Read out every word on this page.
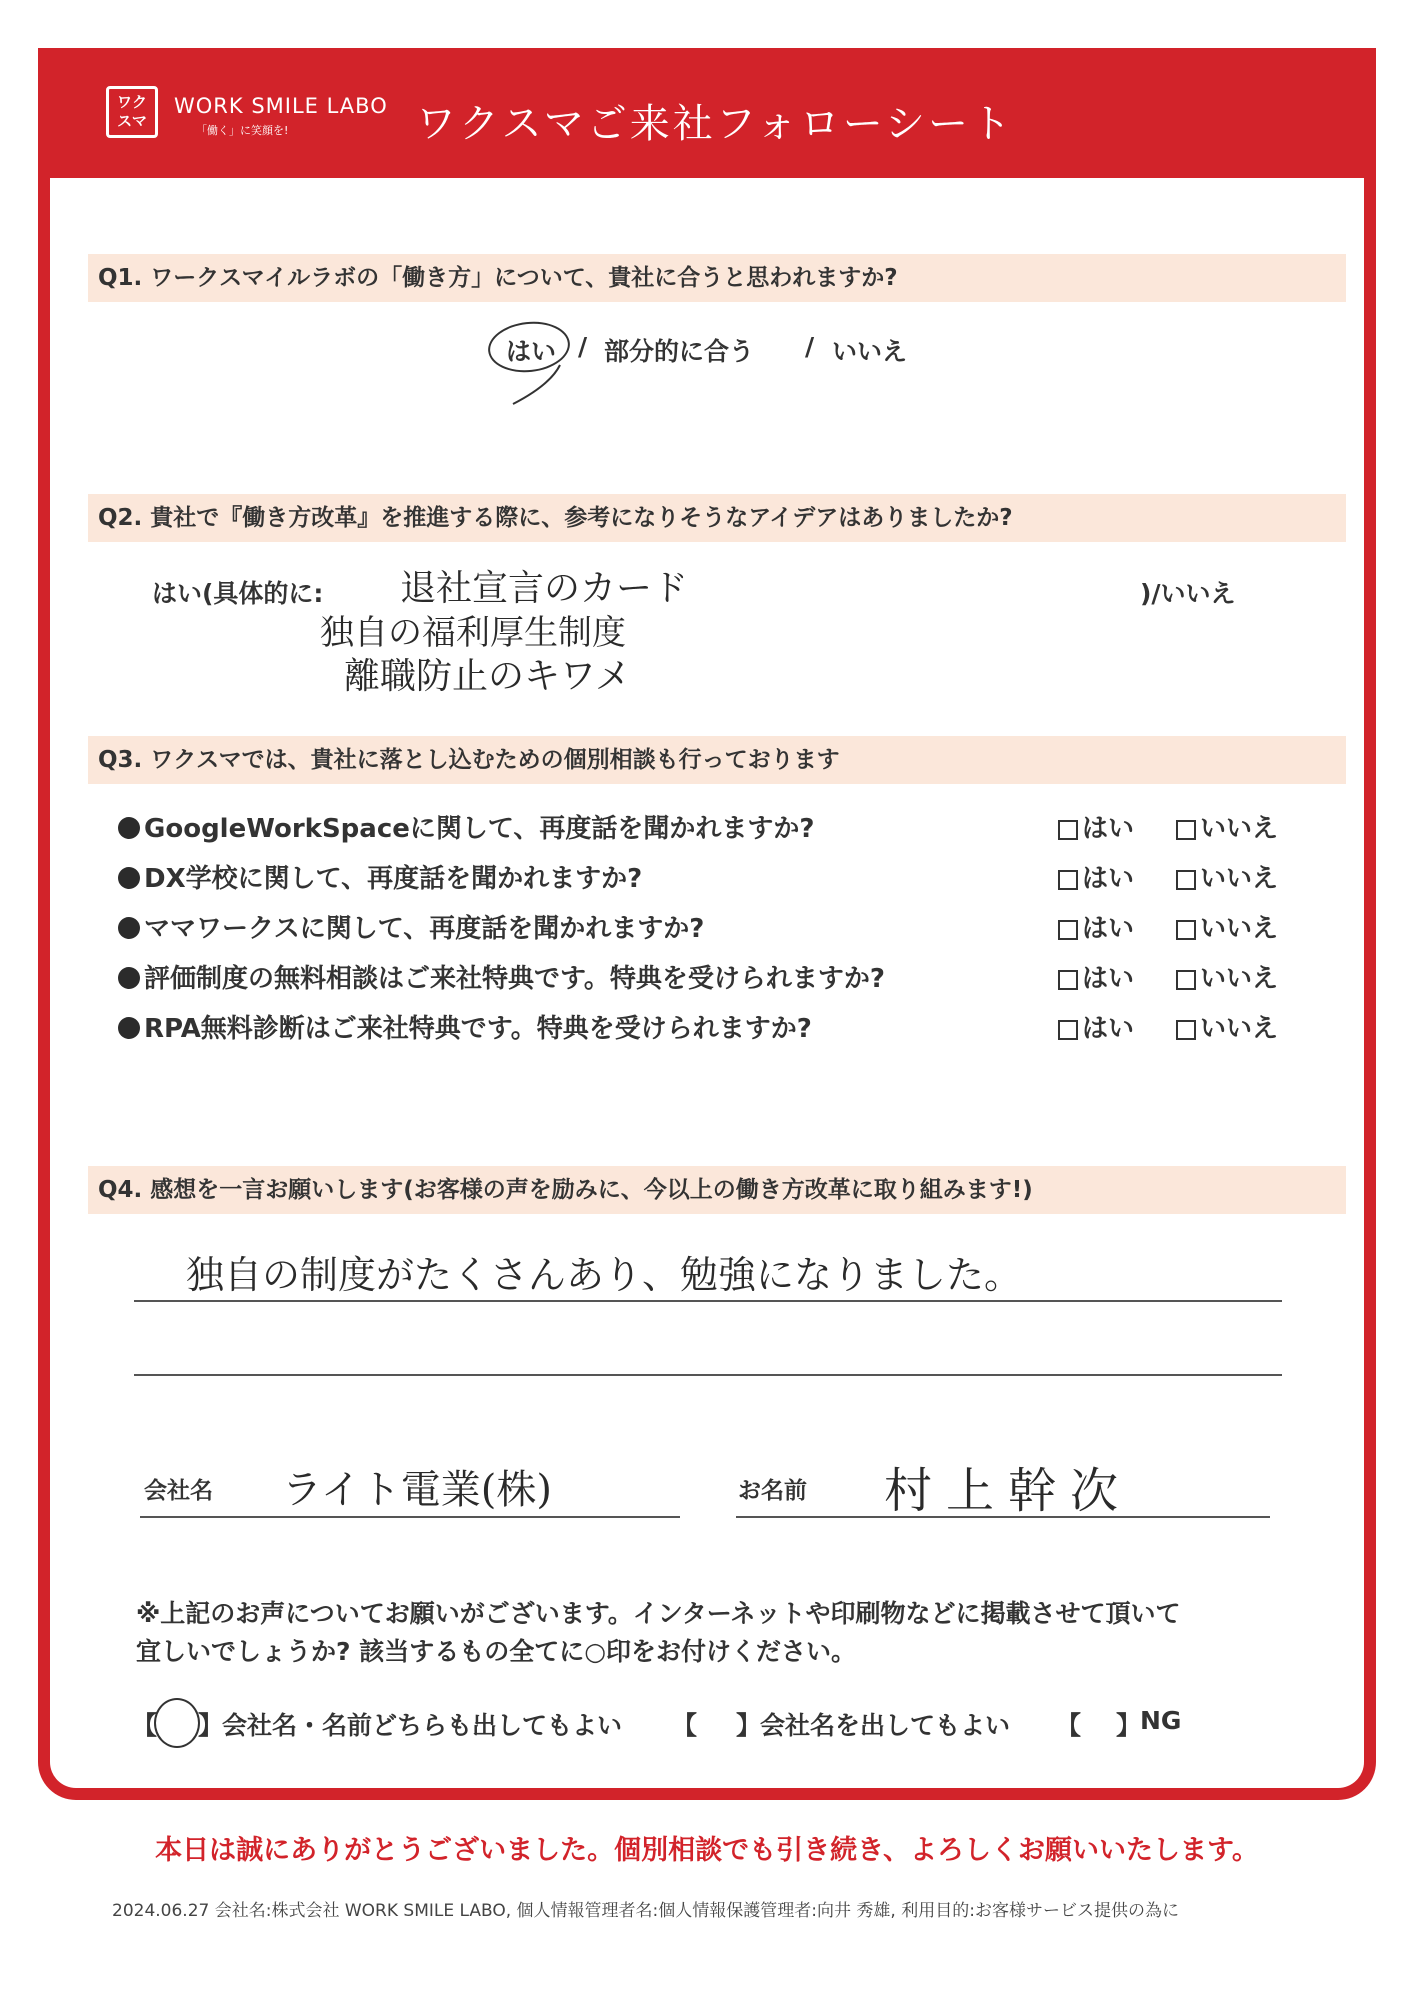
ワク
スマ
WORK SMILE LABO
「働く」に笑顔を!	ワクスマご来社フォローシート
Q1. ワークスマイルラボの「働き方」について、貴社に合うと思われますか?
はい / 部分的に合う / いいえ
Q2. 貴社で『働き方改革』を推進する際に、参考になりそうなアイデアはありましたか?
はい(具体的に: 退社宣言のカード
独自の福利厚生制度
離職防止のキワメ
)/いいえ
Q3. ワクスマでは、貴社に落とし込むための個別相談も行っております
GoogleWorkSpaceに関して、再度話を聞かれますか?	はい	いいえ
DX学校に関して、再度話を聞かれますか?	はい	いいえ
ママワークスに関して、再度話を聞かれますか?	はい	いいえ
評価制度の無料相談はご来社特典です。特典を受けられますか?	はい	いいえ
RPA無料診断はご来社特典です。特典を受けられますか?	はい	いいえ
Q4. 感想を一言お願いします(お客様の声を励みに、今以上の働き方改革に取り組みます!)
独自の制度がたくさんあり、勉強になりました。
会社名 ライト電業(株)	お名前 村上幹次
※上記のお声についてお願いがございます。インターネットや印刷物などに掲載させて頂いて
宜しいでしょうか? 該当するもの全てに○印をお付けください。
【 】
会社名・名前どちらも出してもよい 【 】
会社名を出してもよい 【 】
NG
本日は誠にありがとうございました。個別相談でも引き続き、よろしくお願いいたします。
2024.06.27 会社名:株式会社 WORK SMILE LABO, 個人情報管理者名:個人情報保護管理者:向井 秀雄, 利用目的:お客様サービス提供の為に
